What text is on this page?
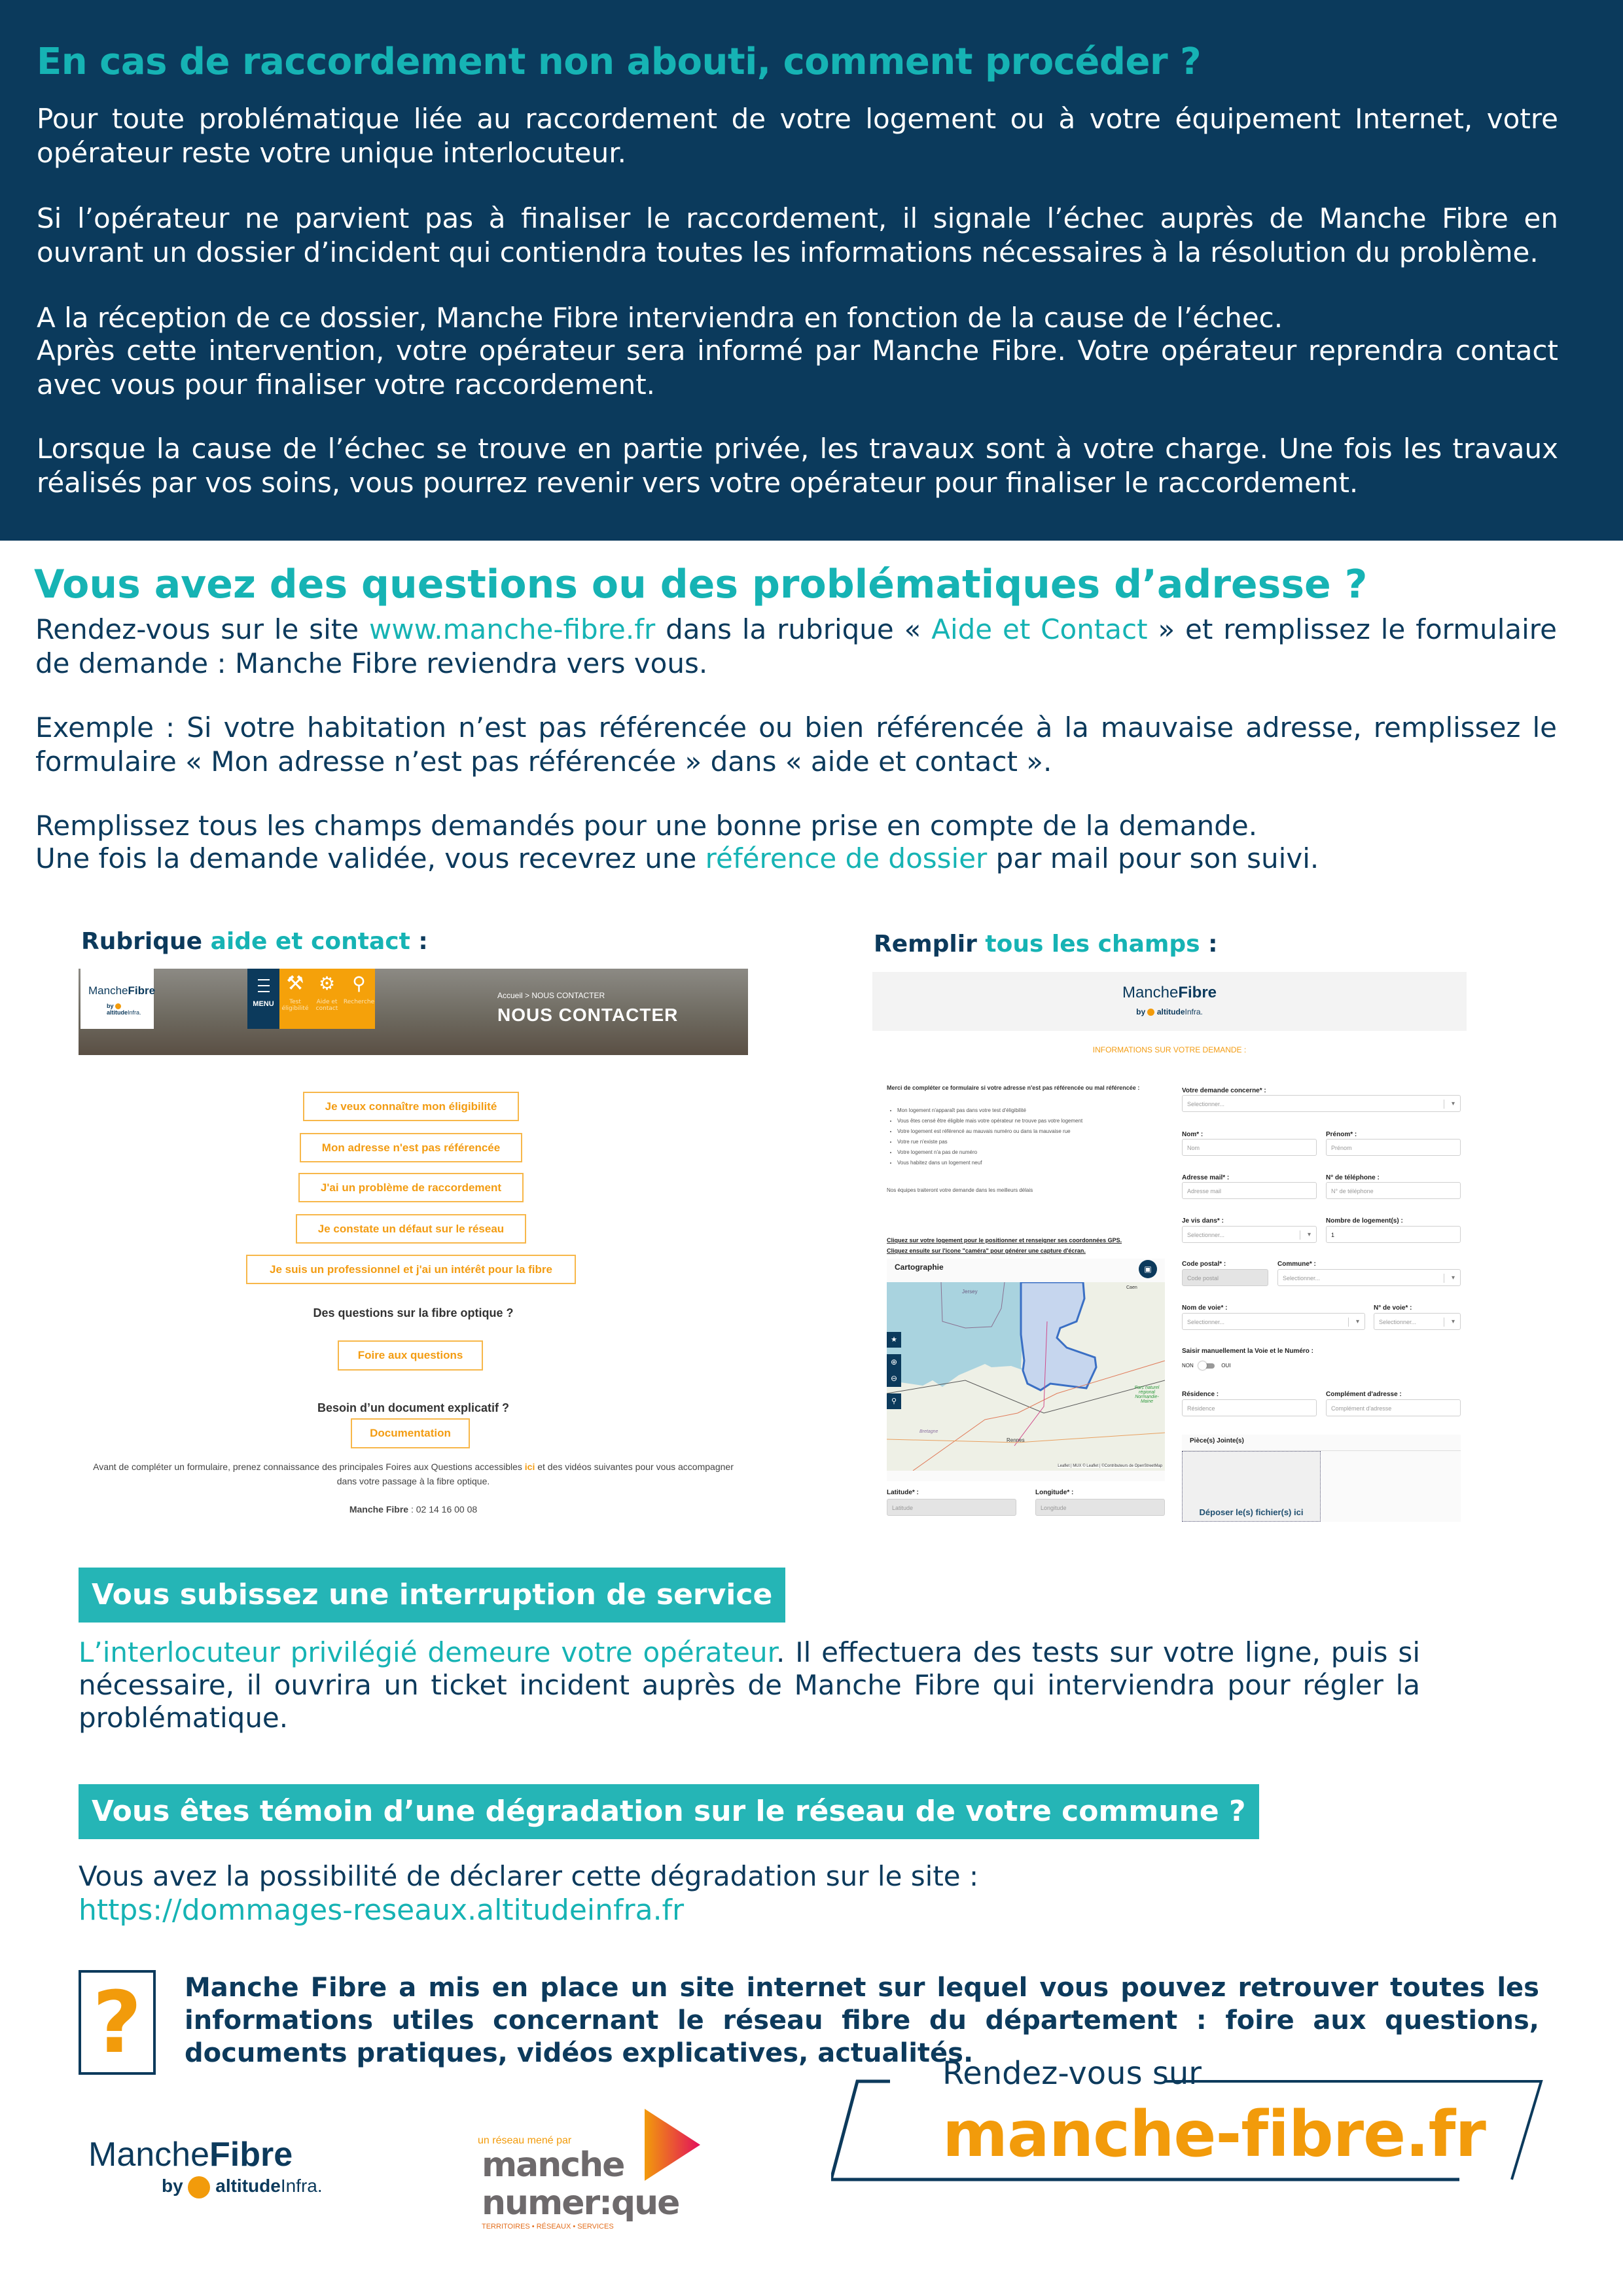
En cas de raccordement non abouti, comment procéder ?

Pour toute problématique liée au raccordement de votre logement ou à votre équipement Internet, votre opérateur reste votre unique interlocuteur.

Si l’opérateur ne parvient pas à finaliser le raccordement, il signale l’échec auprès de Manche Fibre en ouvrant un dossier d’incident qui contiendra toutes les informations nécessaires à la résolution du problème.

A la réception de ce dossier, Manche Fibre interviendra en fonction de la cause de l’échec.

Après cette intervention, votre opérateur sera informé par Manche Fibre. Votre opérateur reprendra contact avec vous pour finaliser votre raccordement.

Lorsque la cause de l’échec se trouve en partie privée, les travaux sont à votre charge. Une fois les travaux réalisés par vos soins, vous pourrez revenir vers votre opérateur pour finaliser le raccordement.

Vous avez des questions ou des problématiques d’adresse ?

Rendez-vous sur le site www.manche-fibre.fr dans la rubrique « Aide et Contact » et remplissez le formulaire de demande : Manche Fibre reviendra vers vous.

Exemple : Si votre habitation n’est pas référencée ou bien référencée à la mauvaise adresse, remplissez le formulaire « Mon adresse n’est pas référencée » dans « aide et contact ».

Remplissez tous les champs demandés pour une bonne prise en compte de la demande.

Une fois la demande validée, vous recevrez une référence de dossier par mail pour son suivi.

Rubrique aide et contact :

MancheFibre
by  altitudeInfra.
MENU
⚒
Test éligibilité
⚙
Aide et contact
⚲
Recherche
Accueil > NOUS CONTACTER
NOUS CONTACTER
Je veux connaître mon éligibilité
Mon adresse n'est pas référencée
J'ai un problème de raccordement
Je constate un défaut sur le réseau
Je suis un professionnel et j'ai un intérêt pour la fibre
Des questions sur la fibre optique ?
Foire aux questions
Besoin d’un document explicatif ?
Documentation
Avant de compléter un formulaire, prenez connaissance des principales Foires aux Questions accessibles ici et des vidéos suivantes pour vous accompagner dans votre passage à la fibre optique.
Manche Fibre : 02 14 16 00 08

Remplir tous les champs :

MancheFibre
by altitudeInfra.
INFORMATIONS SUR VOTRE DEMANDE :
Merci de compléter ce formulaire si votre adresse n'est pas référencée ou mal référencée :
• Mon logement n'apparaît pas dans votre test d'éligibilité
• Vous êtes censé être éligible mais votre opérateur ne trouve pas votre logement
• Votre logement est référencé au mauvais numéro ou dans la mauvaise rue
• Votre rue n'existe pas
• Votre logement n'a pas de numéro
• Vous habitez dans un logement neuf
Nos équipes traiteront votre demande dans les meilleurs délais
Cliquez sur votre logement pour le positionner et renseigner ses coordonnées GPS.
Cliquez ensuite sur l'icone "caméra" pour générer une capture d'écran.
Cartographie	▣
Jersey
Caen
Bretagne
Rennes
Parc naturel régional Normandie-Maine
★
⊕
⊖
⚲
Leaflet | MUX © Leaflet | ©Contributeurs de OpenStreetMap
Latitude* :
Latitude
Longitude* :
Longitude
Votre demande concerne* :
Selectionner... ▾
Nom* :
Nom
Prénom* :
Prénom
Adresse mail* :
Adresse mail
N° de téléphone :
N° de téléphone
Je vis dans* :
Selectionner... ▾
Nombre de logement(s) :
1
Code postal* :
Code postal
Commune* :
Selectionner... ▾
Nom de voie* :
Selectionner... ▾
N° de voie* :
Selectionner... ▾
Saisir manuellement la Voie et le Numéro :
NON	OUI
Résidence :
Résidence
Complément d'adresse :
Complément d'adresse
Pièce(s) Jointe(s)
Déposer le(s) fichier(s) ici
Vous subissez une interruption de service

L’interlocuteur privilégié demeure votre opérateur. Il effectuera des tests sur votre ligne, puis si nécessaire, il ouvrira un ticket incident auprès de Manche Fibre qui interviendra pour régler la problématique.

Vous êtes témoin d’une dégradation sur le réseau de votre commune ?

Vous avez la possibilité de déclarer cette dégradation sur le site :

https://dommages-reseaux.altitudeinfra.fr

?	Manche Fibre a mis en place un site internet sur lequel vous pouvez retrouver toutes les informations utiles concernant le réseau fibre du département : foire aux questions, documents pratiques, vidéos explicatives, actualités.

Rendez-vous sur
manche-fibre.fr
MancheFibre
by altitudeInfra.
un réseau mené par
manche
numer:que
TERRITOIRES • RÉSEAUX • SERVICES
